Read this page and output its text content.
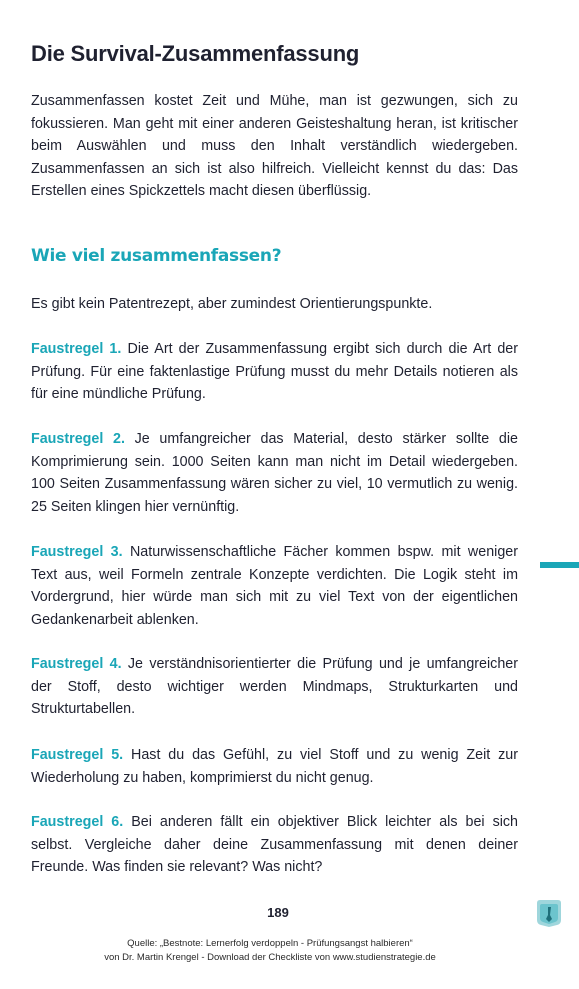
Die Survival-Zusammenfassung

Zusammenfassen kostet Zeit und Mühe, man ist gezwungen, sich zu fokussieren. Man geht mit einer anderen Geisteshaltung heran, ist kritischer beim Auswählen und muss den Inhalt verständlich wiedergeben. Zusammenfassen an sich ist also hilfreich. Vielleicht kennst du das: Das Erstellen eines Spickzettels macht diesen überflüssig.

Wie viel zusammenfassen?

Es gibt kein Patentrezept, aber zumindest Orientierungspunkte.

Faustregel 1. Die Art der Zusammenfassung ergibt sich durch die Art der Prüfung. Für eine faktenlastige Prüfung musst du mehr Details notieren als für eine mündliche Prüfung.

Faustregel 2. Je umfangreicher das Material, desto stärker sollte die Komprimierung sein. 1000 Seiten kann man nicht im Detail wiedergeben. 100 Seiten Zusammenfassung wären sicher zu viel, 10 vermutlich zu wenig. 25 Seiten klingen hier vernünftig.

Faustregel 3. Naturwissenschaftliche Fächer kommen bspw. mit weniger Text aus, weil Formeln zentrale Konzepte verdichten. Die Logik steht im Vordergrund, hier würde man sich mit zu viel Text von der eigentlichen Gedankenarbeit ablenken.

Faustregel 4. Je verständnisorientierter die Prüfung und je umfangreicher der Stoff, desto wichtiger werden Mindmaps, Strukturkarten und Strukturtabellen.

Faustregel 5. Hast du das Gefühl, zu viel Stoff und zu wenig Zeit zur Wiederholung zu haben, komprimierst du nicht genug.

Faustregel 6. Bei anderen fällt ein objektiver Blick leichter als bei sich selbst. Vergleiche daher deine Zusammenfassung mit denen deiner Freunde. Was finden sie relevant? Was nicht?

189
Quelle: „Bestnote: Lernerfolg verdoppeln - Prüfungsangst halbieren“
von Dr. Martin Krengel - Download der Checkliste von www.studienstrategie.de
